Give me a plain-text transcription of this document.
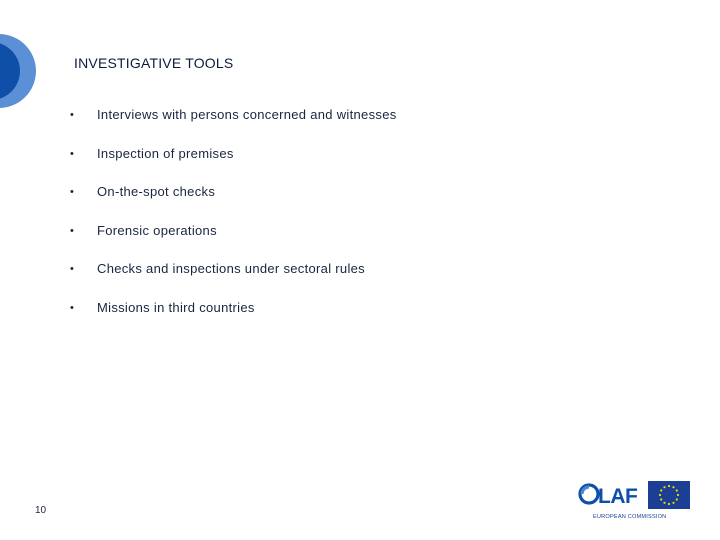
INVESTIGATIVE TOOLS
•	Interviews with persons concerned and witnesses
•	Inspection of premises
•	On-the-spot checks
•	Forensic operations
•	Checks and inspections under sectoral rules
•	Missions in third countries
10
LAF
EUROPEAN COMMISSION
